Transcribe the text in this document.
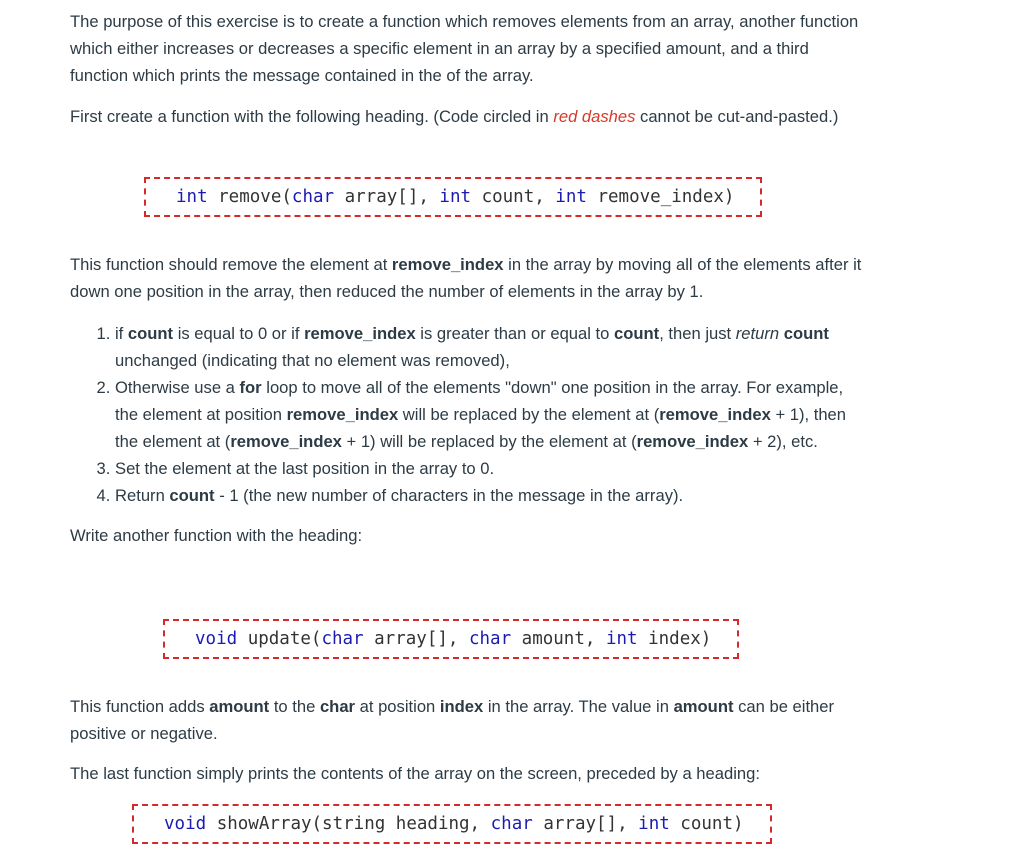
The purpose of this exercise is to create a function which removes elements from an array, another function which either increases or decreases a specific element in an array by a specified amount, and a third function which prints the message contained in the of the array.

First create a function with the following heading. (Code circled in red dashes cannot be cut-and-pasted.)

int remove(char array[], int count, int remove_index)

This function should remove the element at remove_index in the array by moving all of the elements after it down one position in the array, then reduced the number of elements in the array by 1.

1. if count is equal to 0 or if remove_index is greater than or equal to count, then just return count unchanged (indicating that no element was removed),
2. Otherwise use a for loop to move all of the elements "down" one position in the array. For example, the element at position remove_index will be replaced by the element at (remove_index + 1), then the element at (remove_index + 1) will be replaced by the element at (remove_index + 2), etc.
3. Set the element at the last position in the array to 0.
4. Return count - 1 (the new number of characters in the message in the array).

Write another function with the heading:

void update(char array[], char amount, int index)

This function adds amount to the char at position index in the array. The value in amount can be either positive or negative.

The last function simply prints the contents of the array on the screen, preceded by a heading:

void showArray(string heading, char array[], int count)
